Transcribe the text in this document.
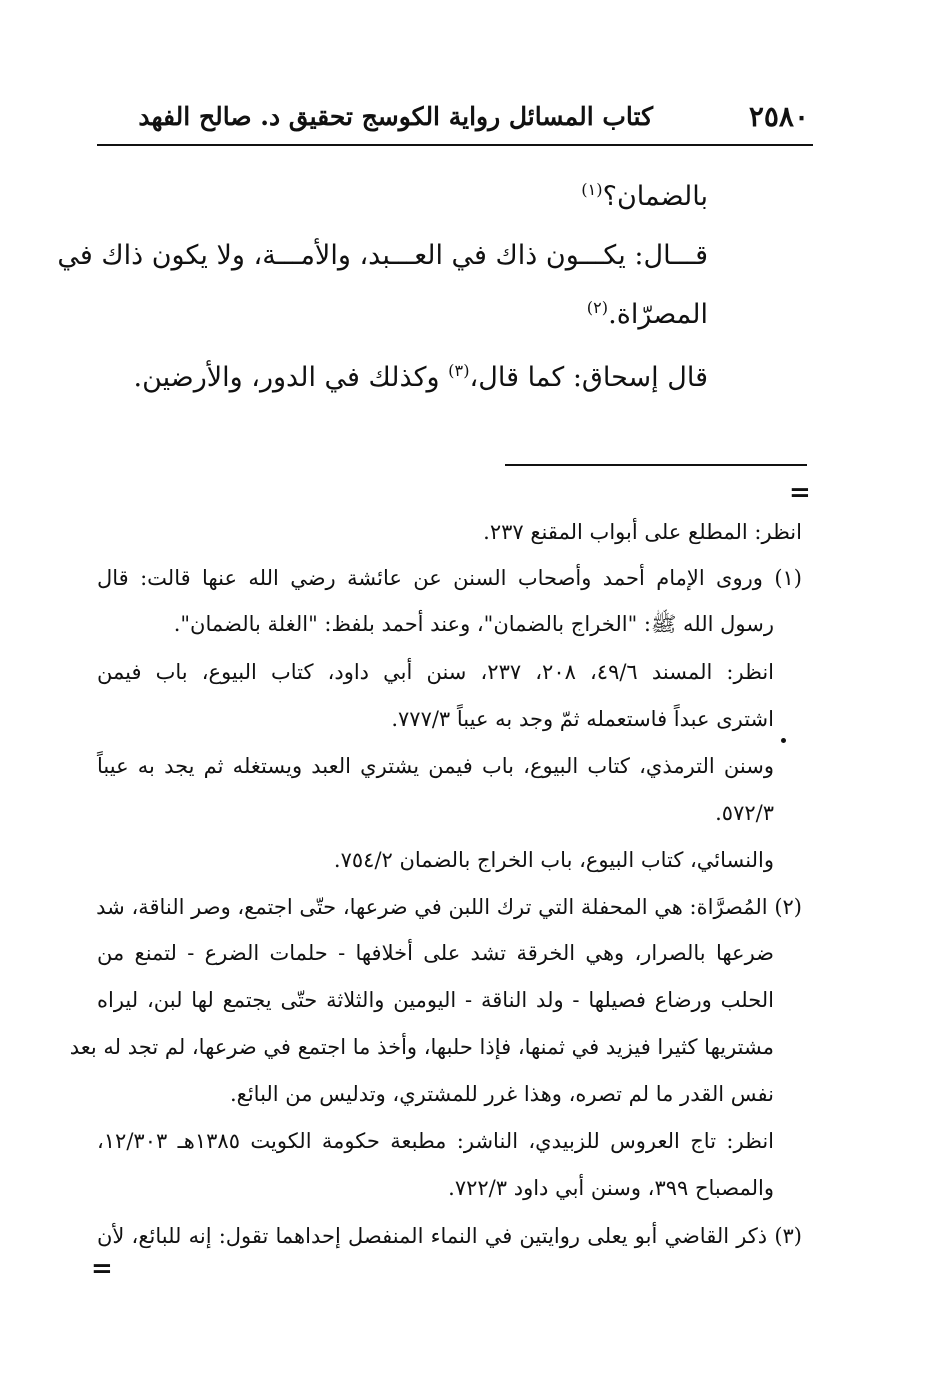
كتاب المسائل رواية الكوسج تحقيق د. صالح الفهد	٢٥٨٠
بالضمان؟$^{(١)}$
قـــال: يكـــون ذاك في العـــبد، والأمـــة، ولا يكون ذاك في
المصرّاة.$^{(٢)}$
قال إسحاق: كما قال،$^{(٣)}$ وكذلك في الدور، والأرضين.
=
انظر: المطلع على أبواب المقنع ٢٣٧.
(١) وروى الإمام أحمد وأصحاب السنن عن عائشة رضي الله عنها قالت: قال
رسول الله ﷺ: "الخراج بالضمان"، وعند أحمد بلفظ: "الغلة بالضمان".
انظر: المسند ٤٩/٦، ٢٠٨، ٢٣٧، سنن أبي داود، كتاب البيوع، باب فيمن
اشترى عبداً فاستعمله ثمّ وجد به عيباً ٧٧٧/٣.
وسنن الترمذي، كتاب البيوع، باب فيمن يشتري العبد ويستغله ثم يجد به عيباً
٥٧٢/٣.
والنسائي، كتاب البيوع، باب الخراج بالضمان ٧٥٤/٢.
(٢) المُصرَّاة: هي المحفلة التي ترك اللبن في ضرعها، حتّى اجتمع، وصر الناقة، شد
ضرعها بالصرار، وهي الخرقة تشد على أخلافها - حلمات الضرع - لتمنع من
الحلب ورضاع فصيلها - ولد الناقة - اليومين والثلاثة حتّى يجتمع لها لبن، ليراه
مشتريها كثيرا فيزيد في ثمنها، فإذا حلبها، وأخذ ما اجتمع في ضرعها، لم تجد له بعد
نفس القدر ما لم تصره، وهذا غرر للمشتري، وتدليس من البائع.
انظر: تاج العروس للزبيدي، الناشر: مطبعة حكومة الكويت ١٣٨٥هـ ١٢/٣٠٣،
والمصباح ٣٩٩، وسنن أبي داود ٧٢٢/٣.
(٣) ذكر القاضي أبو يعلى روايتين في النماء المنفصل إحداهما تقول: إنه للبائع، لأن
=
